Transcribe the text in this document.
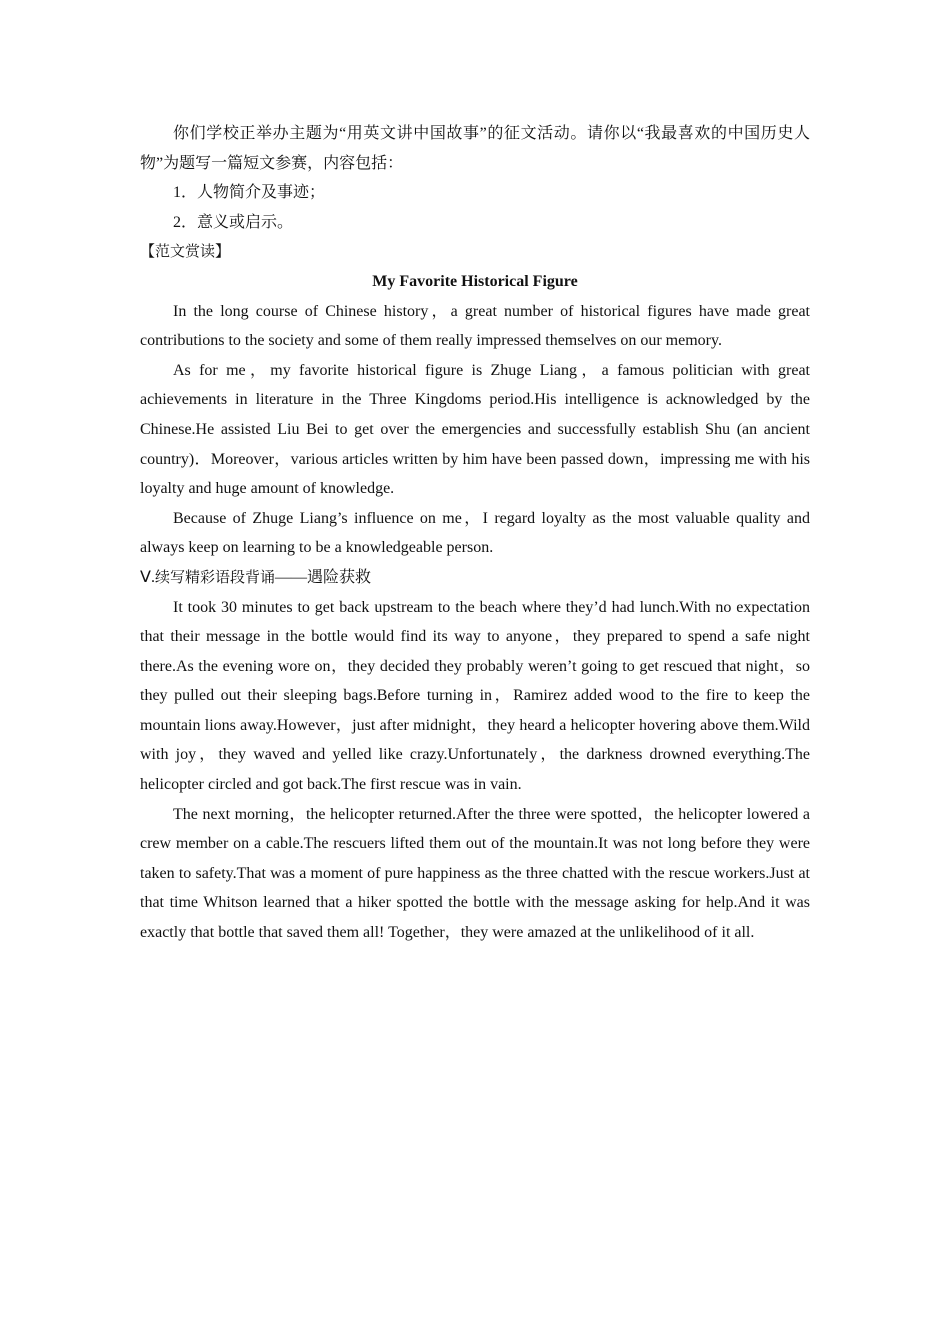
你们学校正举办主题为“用英文讲中国故事”的征文活动。请你以“我最喜欢的中国历史人物”为题写一篇短文参赛，内容包括：

1．人物简介及事迹；

2．意义或启示。

【范文赏读】

My Favorite Historical Figure

In the long course of Chinese history，a great number of historical figures have made great contributions to the society and some of them really impressed themselves on our memory.

As for me，my favorite historical figure is Zhuge Liang，a famous politician with great achievements in literature in the Three Kingdoms period.His intelligence is acknowledged by the Chinese.He assisted Liu Bei to get over the emergencies and successfully establish Shu (an ancient country)．Moreover，various articles written by him have been passed down，impressing me with his loyalty and huge amount of knowledge.

Because of Zhuge Liang’s influence on me，I regard loyalty as the most valuable quality and always keep on learning to be a knowledgeable person.

Ⅴ.续写精彩语段背诵——遇险获救

It took 30 minutes to get back upstream to the beach where they’d had lunch.With no expectation that their message in the bottle would find its way to anyone，they prepared to spend a safe night there.As the evening wore on，they decided they probably weren’t going to get rescued that night，so they pulled out their sleeping bags.Before turning in，Ramirez added wood to the fire to keep the mountain lions away.However，just after midnight，they heard a helicopter hovering above them.Wild with joy，they waved and yelled like crazy.Unfortunately，the darkness drowned everything.The helicopter circled and got back.The first rescue was in vain.

The next morning，the helicopter returned.After the three were spotted，the helicopter lowered a crew member on a cable.The rescuers lifted them out of the mountain.It was not long before they were taken to safety.That was a moment of pure happiness as the three chatted with the rescue workers.Just at that time Whitson learned that a hiker spotted the bottle with the message asking for help.And it was exactly that bottle that saved them all! Together，they were amazed at the unlikelihood of it all.
